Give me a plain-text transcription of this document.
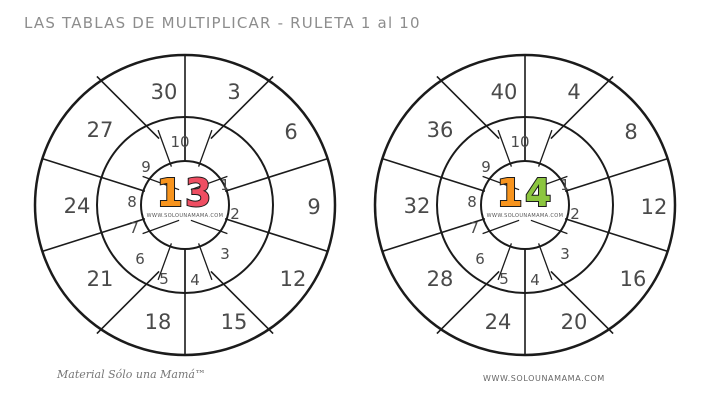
LAS TABLAS DE MULTIPLICAR - RULETA 1 al 10
1
2
3
4
5
6
7
8
9
10
3
6
9
12
15
18
21
24
27
30
13
WWW.SOLOUNAMAMA.COM
1
2
3
4
5
6
7
8
9
10
4
8
12
16
20
24
28
32
36
40
14
WWW.SOLOUNAMAMA.COM
Material Sólo una Mamá™	WWW.SOLOUNAMAMA.COM
